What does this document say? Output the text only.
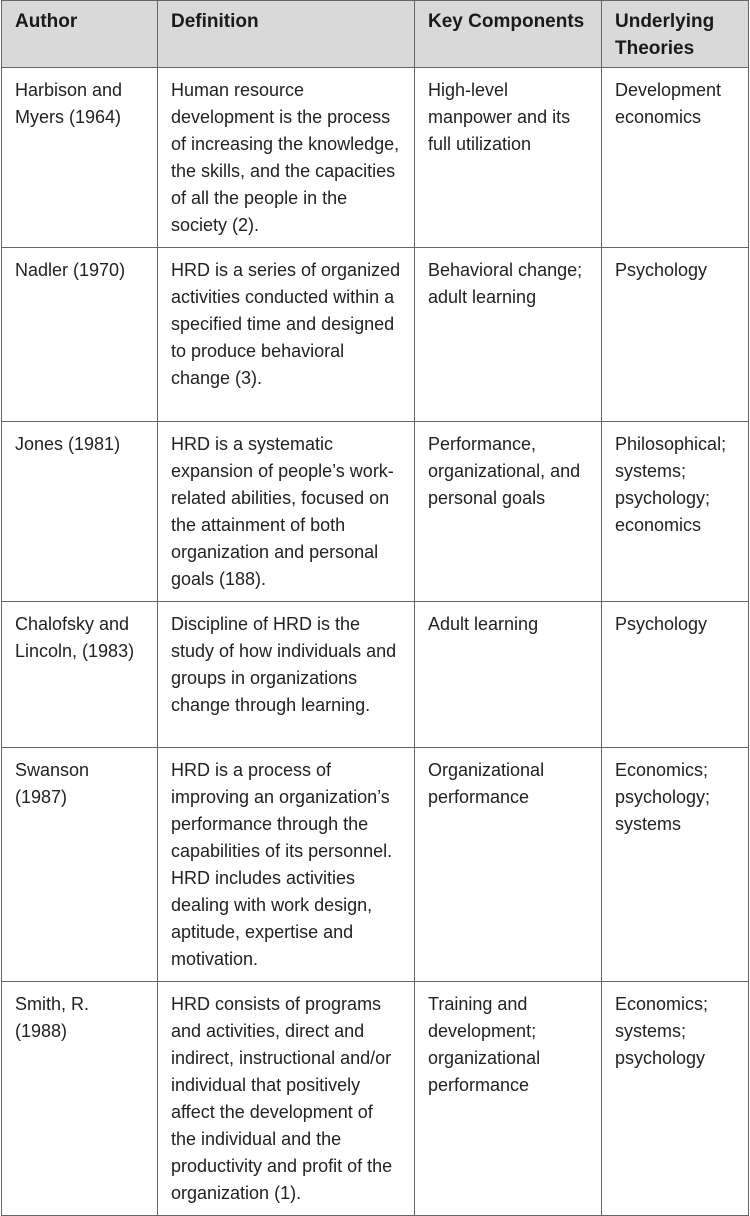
Author	Definition	Key Components	Underlying Theories
Harbison and Myers (1964)	Human resource development is the process of increasing the knowledge, the skills, and the capacities of all the people in the society (2).	High-level manpower and its full utilization	Development economics
Nadler (1970)	HRD is a series of organized activities conducted within a specified time and designed to produce behavioral change (3).	Behavioral change; adult learning	Psychology
Jones (1981)	HRD is a systematic expansion of people’s work-related abilities, focused on the attainment of both organization and personal goals (188).	Performance, organizational, and personal goals	Philosophical; systems; psychology; economics
Chalofsky and Lincoln, (1983)	Discipline of HRD is the study of how individuals and groups in organizations change through learning.	Adult learning	Psychology
Swanson (1987)	HRD is a process of improving an organization’s performance through the capabilities of its personnel. HRD includes activities dealing with work design, aptitude, expertise and motivation.	Organizational performance	Economics; psychology; systems
Smith, R. (1988)	HRD consists of programs and activities, direct and indirect, instructional and/or individual that positively affect the development of the individual and the productivity and profit of the organization (1).	Training and development; organizational performance	Economics; systems; psychology
